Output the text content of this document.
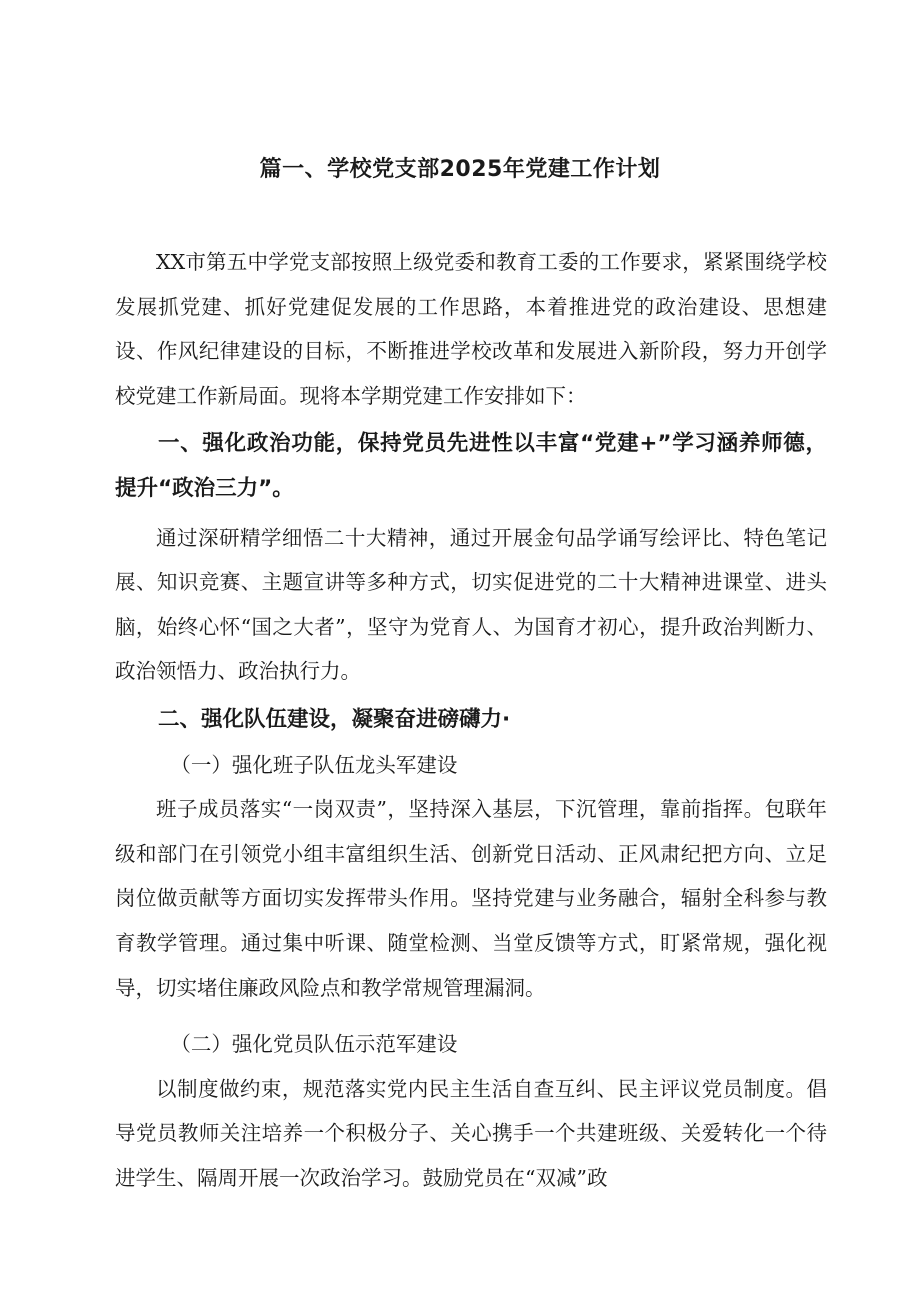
篇一、学校党支部2025年党建工作计划

XX市第五中学党支部按照上级党委和教育工委的工作要求，紧紧围绕学校发展抓党建、抓好党建促发展的工作思路，本着推进党的政治建设、思想建设、作风纪律建设的目标，不断推进学校改革和发展进入新阶段，努力开创学校党建工作新局面。现将本学期党建工作安排如下：

一、强化政治功能，保持党员先进性以丰富“党建+”学习涵养师德，提升“政治三力”。

通过深研精学细悟二十大精神，通过开展金句品学诵写绘评比、特色笔记展、知识竞赛、主题宣讲等多种方式，切实促进党的二十大精神进课堂、进头脑，始终心怀“国之大者”，坚守为党育人、为国育才初心，提升政治判断力、政治领悟力、政治执行力。

二、强化队伍建设，凝聚奋进磅礴力·

（一）强化班子队伍龙头军建设

班子成员落实“一岗双责”，坚持深入基层，下沉管理，靠前指挥。包联年级和部门在引领党小组丰富组织生活、创新党日活动、正风肃纪把方向、立足岗位做贡献等方面切实发挥带头作用。坚持党建与业务融合，辐射全科参与教育教学管理。通过集中听课、随堂检测、当堂反馈等方式，盯紧常规，强化视导，切实堵住廉政风险点和教学常规管理漏洞。

（二）强化党员队伍示范军建设

以制度做约束，规范落实党内民主生活自查互纠、民主评议党员制度。倡导党员教师关注培养一个积极分子、关心携手一个共建班级、关爱转化一个待进学生、隔周开展一次政治学习。鼓励党员在“双减”政
